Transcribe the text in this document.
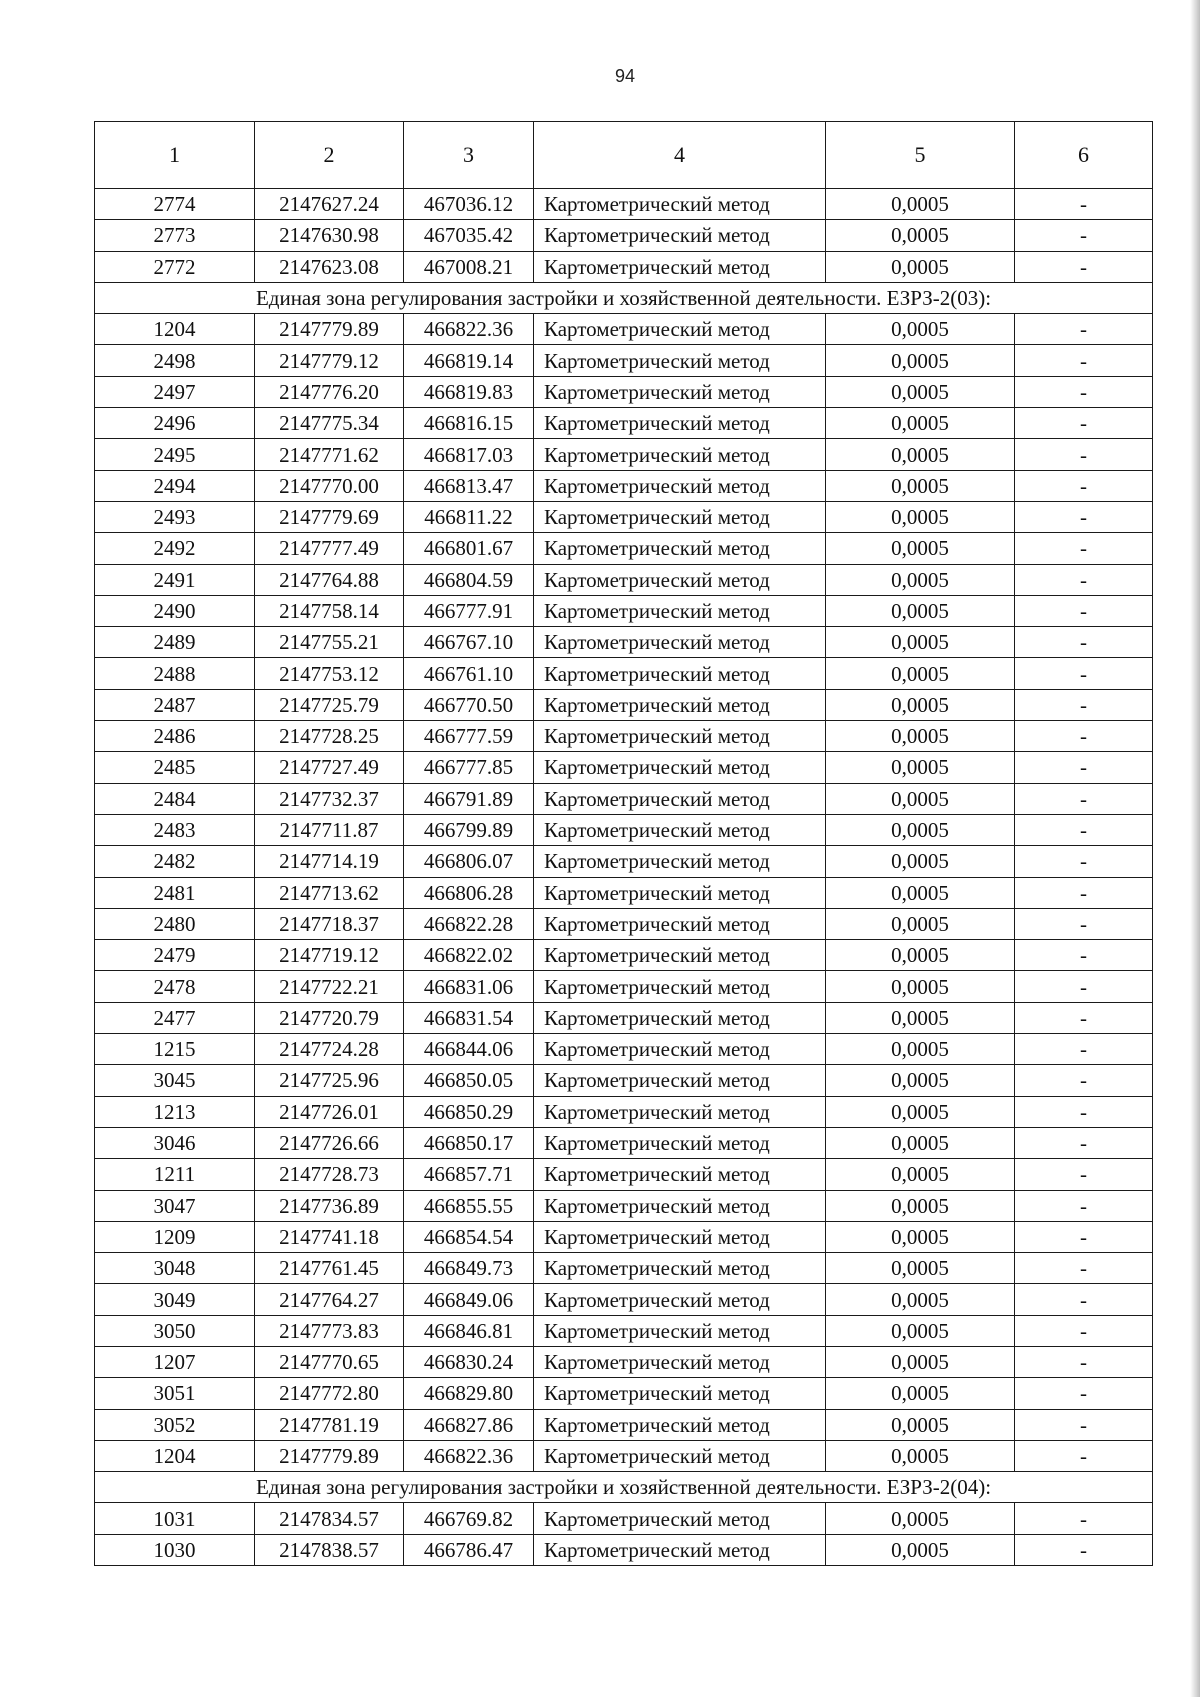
94
1	2	3	4	5	6
2774	2147627.24	467036.12	Картометрический метод	0,0005	-
2773	2147630.98	467035.42	Картометрический метод	0,0005	-
2772	2147623.08	467008.21	Картометрический метод	0,0005	-
Единая зона регулирования застройки и хозяйственной деятельности. ЕЗРЗ-2(03):					
1204	2147779.89	466822.36	Картометрический метод	0,0005	-
2498	2147779.12	466819.14	Картометрический метод	0,0005	-
2497	2147776.20	466819.83	Картометрический метод	0,0005	-
2496	2147775.34	466816.15	Картометрический метод	0,0005	-
2495	2147771.62	466817.03	Картометрический метод	0,0005	-
2494	2147770.00	466813.47	Картометрический метод	0,0005	-
2493	2147779.69	466811.22	Картометрический метод	0,0005	-
2492	2147777.49	466801.67	Картометрический метод	0,0005	-
2491	2147764.88	466804.59	Картометрический метод	0,0005	-
2490	2147758.14	466777.91	Картометрический метод	0,0005	-
2489	2147755.21	466767.10	Картометрический метод	0,0005	-
2488	2147753.12	466761.10	Картометрический метод	0,0005	-
2487	2147725.79	466770.50	Картометрический метод	0,0005	-
2486	2147728.25	466777.59	Картометрический метод	0,0005	-
2485	2147727.49	466777.85	Картометрический метод	0,0005	-
2484	2147732.37	466791.89	Картометрический метод	0,0005	-
2483	2147711.87	466799.89	Картометрический метод	0,0005	-
2482	2147714.19	466806.07	Картометрический метод	0,0005	-
2481	2147713.62	466806.28	Картометрический метод	0,0005	-
2480	2147718.37	466822.28	Картометрический метод	0,0005	-
2479	2147719.12	466822.02	Картометрический метод	0,0005	-
2478	2147722.21	466831.06	Картометрический метод	0,0005	-
2477	2147720.79	466831.54	Картометрический метод	0,0005	-
1215	2147724.28	466844.06	Картометрический метод	0,0005	-
3045	2147725.96	466850.05	Картометрический метод	0,0005	-
1213	2147726.01	466850.29	Картометрический метод	0,0005	-
3046	2147726.66	466850.17	Картометрический метод	0,0005	-
1211	2147728.73	466857.71	Картометрический метод	0,0005	-
3047	2147736.89	466855.55	Картометрический метод	0,0005	-
1209	2147741.18	466854.54	Картометрический метод	0,0005	-
3048	2147761.45	466849.73	Картометрический метод	0,0005	-
3049	2147764.27	466849.06	Картометрический метод	0,0005	-
3050	2147773.83	466846.81	Картометрический метод	0,0005	-
1207	2147770.65	466830.24	Картометрический метод	0,0005	-
3051	2147772.80	466829.80	Картометрический метод	0,0005	-
3052	2147781.19	466827.86	Картометрический метод	0,0005	-
1204	2147779.89	466822.36	Картометрический метод	0,0005	-
Единая зона регулирования застройки и хозяйственной деятельности. ЕЗРЗ-2(04):					
1031	2147834.57	466769.82	Картометрический метод	0,0005	-
1030	2147838.57	466786.47	Картометрический метод	0,0005	-
